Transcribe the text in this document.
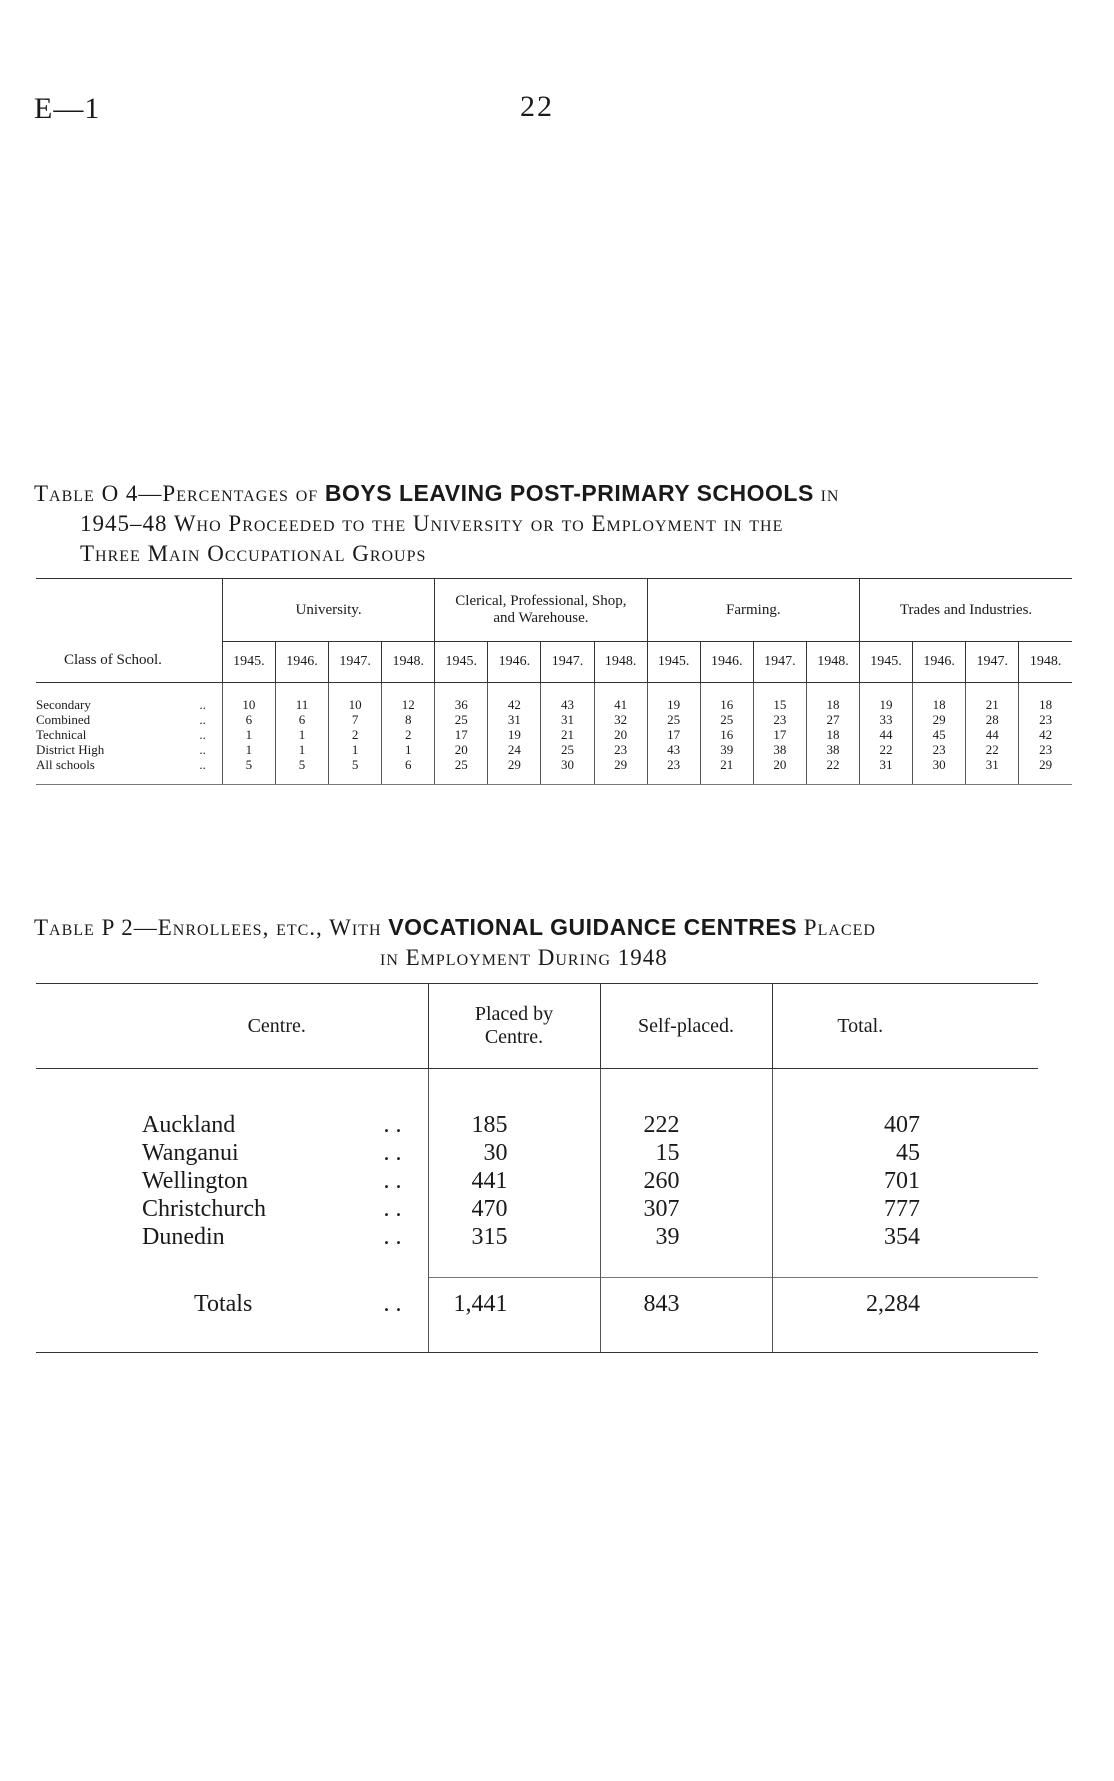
E—1	22
Table O 4—Percentages of BOYS LEAVING POST-PRIMARY SCHOOLS in
1945–48 Who Proceeded to the University or to Employment in the
Three Main Occupational Groups
Class of School.	University.				Clerical, Professional, Shop, and Warehouse.				Farming.				Trades and Industries.			
	1945.	1946.	1947.	1948.	1945.	1946.	1947.	1948.	1945.	1946.	1947.	1948.	1945.	1946.	1947.	1948.
Secondary ..	10	11	10	12	36	42	43	41	19	16	15	18	19	18	21	18
Combined ..	6	6	7	8	25	31	31	32	25	25	23	27	33	29	28	23
Technical ..	1	1	2	2	17	19	21	20	17	16	17	18	44	45	44	42
District High ..	1	1	1	1	20	24	25	23	43	39	38	38	22	23	22	23
All schools ..	5	5	5	6	25	29	30	29	23	21	20	22	31	30	31	29
Table P 2—Enrollees, etc., With VOCATIONAL GUIDANCE CENTRES Placed
in Employment During 1948
Centre.	Placed by Centre.	Self-placed.	Total.
Auckland . .	185	222	407
Wanganui . .	30	15	45
Wellington . .	441	260	701
Christchurch . .	470	307	777
Dunedin . .	315	39	354
Totals . .	1,441	843	2,284
